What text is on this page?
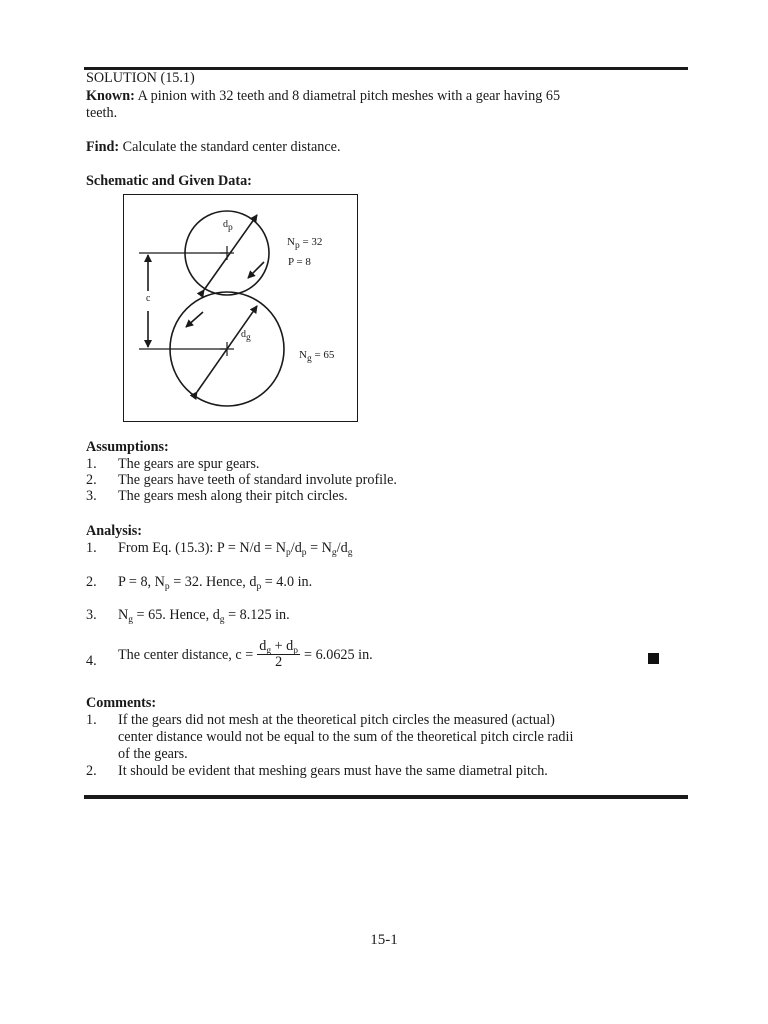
SOLUTION (15.1)
Known: A pinion with 32 teeth and 8 diametral pitch meshes with a gear having 65
teeth.
Find: Calculate the standard center distance.
Schematic and Given Data:
$d_p$
c
$d_g$
$N_p = 32$
P = 8
$N_g = 65$
Assumptions:
1.	The gears are spur gears.
2.	The gears have teeth of standard involute profile.
3.	The gears mesh along their pitch circles.
Analysis:
1.	From Eq. (15.3): $P = N/d = N_p/d_p = N_g/d_g$
2.	P = 8, $N_p = 32$. Hence, $d_p = 4.0$ in.
3.	$N_g = 65$. Hence, $d_g = 8.125$ in.
4.	The center distance, $c = \frac{d_g + d_p}{2} = 6.0625$ in.
Comments:
1.	If the gears did not mesh at the theoretical pitch circles the measured (actual)
center distance would not be equal to the sum of the theoretical pitch circle radii
of the gears.
2.	It should be evident that meshing gears must have the same diametral pitch.
15-1
